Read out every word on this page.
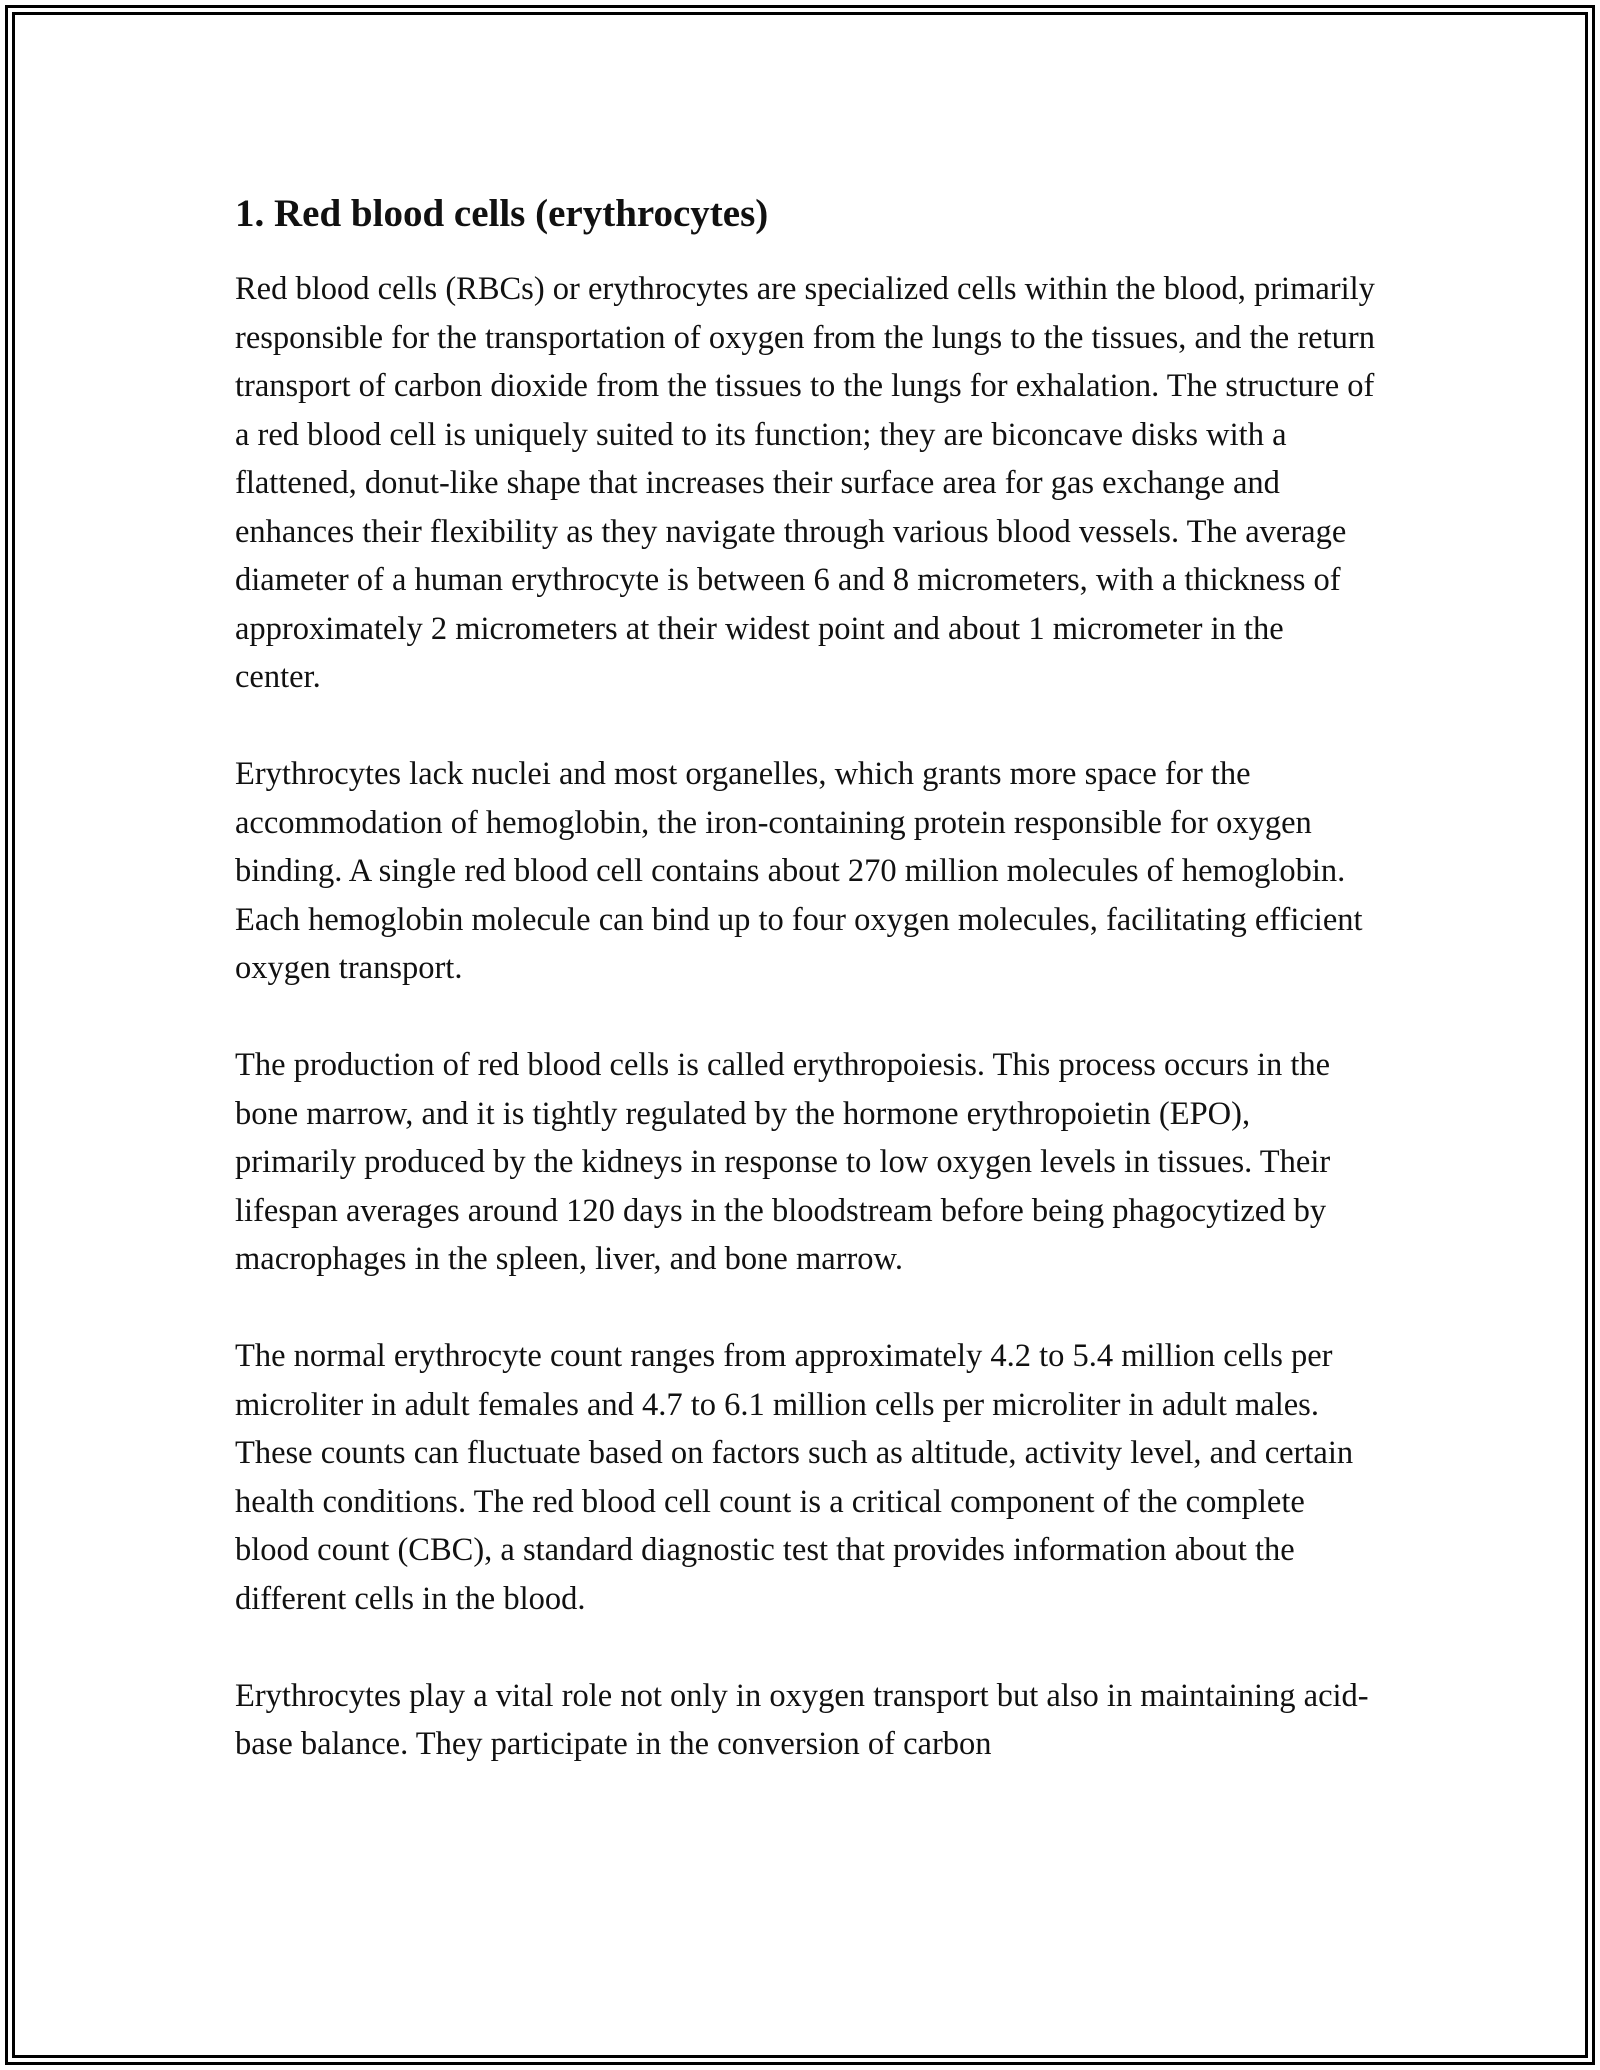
1. Red blood cells (erythrocytes)

Red blood cells (RBCs) or erythrocytes are specialized cells within the blood, primarily responsible for the transportation of oxygen from the lungs to the tissues, and the return transport of carbon dioxide from the tissues to the lungs for exhalation. The structure of a red blood cell is uniquely suited to its function; they are biconcave disks with a flattened, donut-like shape that increases their surface area for gas exchange and enhances their flexibility as they navigate through various blood vessels. The average diameter of a human erythrocyte is between 6 and 8 micrometers, with a thickness of approximately 2 micrometers at their widest point and about 1 micrometer in the center.

Erythrocytes lack nuclei and most organelles, which grants more space for the accommodation of hemoglobin, the iron-containing protein responsible for oxygen binding. A single red blood cell contains about 270 million molecules of hemoglobin. Each hemoglobin molecule can bind up to four oxygen molecules, facilitating efficient oxygen transport.

The production of red blood cells is called erythropoiesis. This process occurs in the bone marrow, and it is tightly regulated by the hormone erythropoietin (EPO), primarily produced by the kidneys in response to low oxygen levels in tissues. Their lifespan averages around 120 days in the bloodstream before being phagocytized by macrophages in the spleen, liver, and bone marrow.

The normal erythrocyte count ranges from approximately 4.2 to 5.4 million cells per microliter in adult females and 4.7 to 6.1 million cells per microliter in adult males. These counts can fluctuate based on factors such as altitude, activity level, and certain health conditions. The red blood cell count is a critical component of the complete blood count (CBC), a standard diagnostic test that provides information about the different cells in the blood.

Erythrocytes play a vital role not only in oxygen transport but also in maintaining acid-base balance. They participate in the conversion of carbon
